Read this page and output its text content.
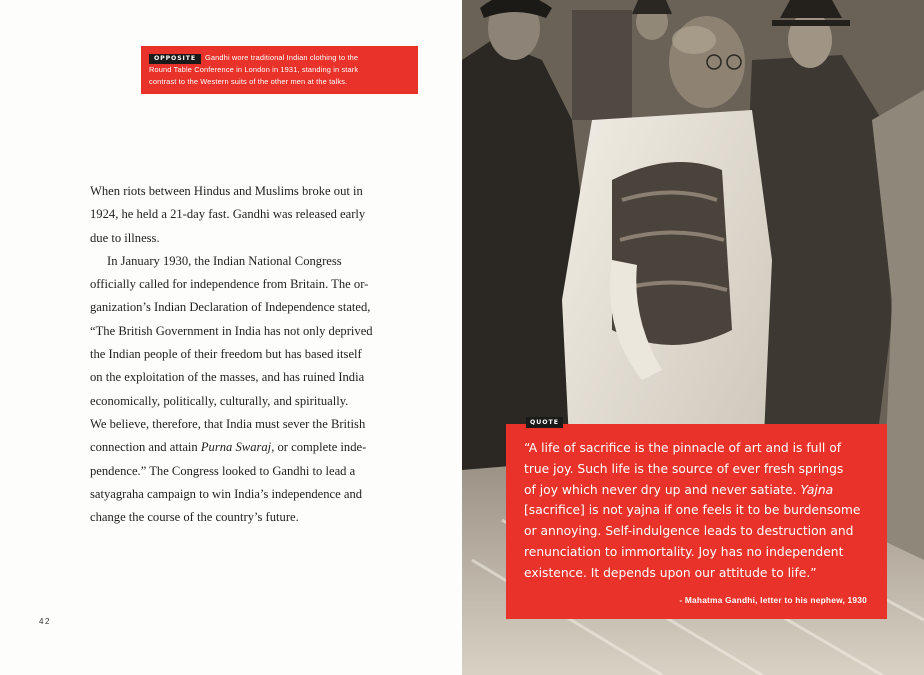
OPPOSITE Gandhi wore traditional Indian clothing to the
Round Table Conference in London in 1931, standing in stark
contrast to the Western suits of the other men at the talks.

When riots between Hindus and Muslims broke out in
1924, he held a 21-day fast. Gandhi was released early
due to illness.

In January 1930, the Indian National Congress
officially called for independence from Britain. The or-
ganization’s Indian Declaration of Independence stated,
“The British Government in India has not only deprived
the Indian people of their freedom but has based itself
on the exploitation of the masses, and has ruined India
economically, politically, culturally, and spiritually.
We believe, therefore, that India must sever the British
connection and attain Purna Swaraj, or complete inde-
pendence.” The Congress looked to Gandhi to lead a
satyagraha campaign to win India’s independence and
change the course of the country’s future.

42
QUOTE
“A life of sacrifice is the pinnacle of art and is full of
true joy. Such life is the source of ever fresh springs
of joy which never dry up and never satiate. Yajna
[sacrifice] is not yajna if one feels it to be burdensome
or annoying. Self-indulgence leads to destruction and
renunciation to immortality. Joy has no independent
existence. It depends upon our attitude to life.”
- Mahatma Gandhi, letter to his nephew, 1930
